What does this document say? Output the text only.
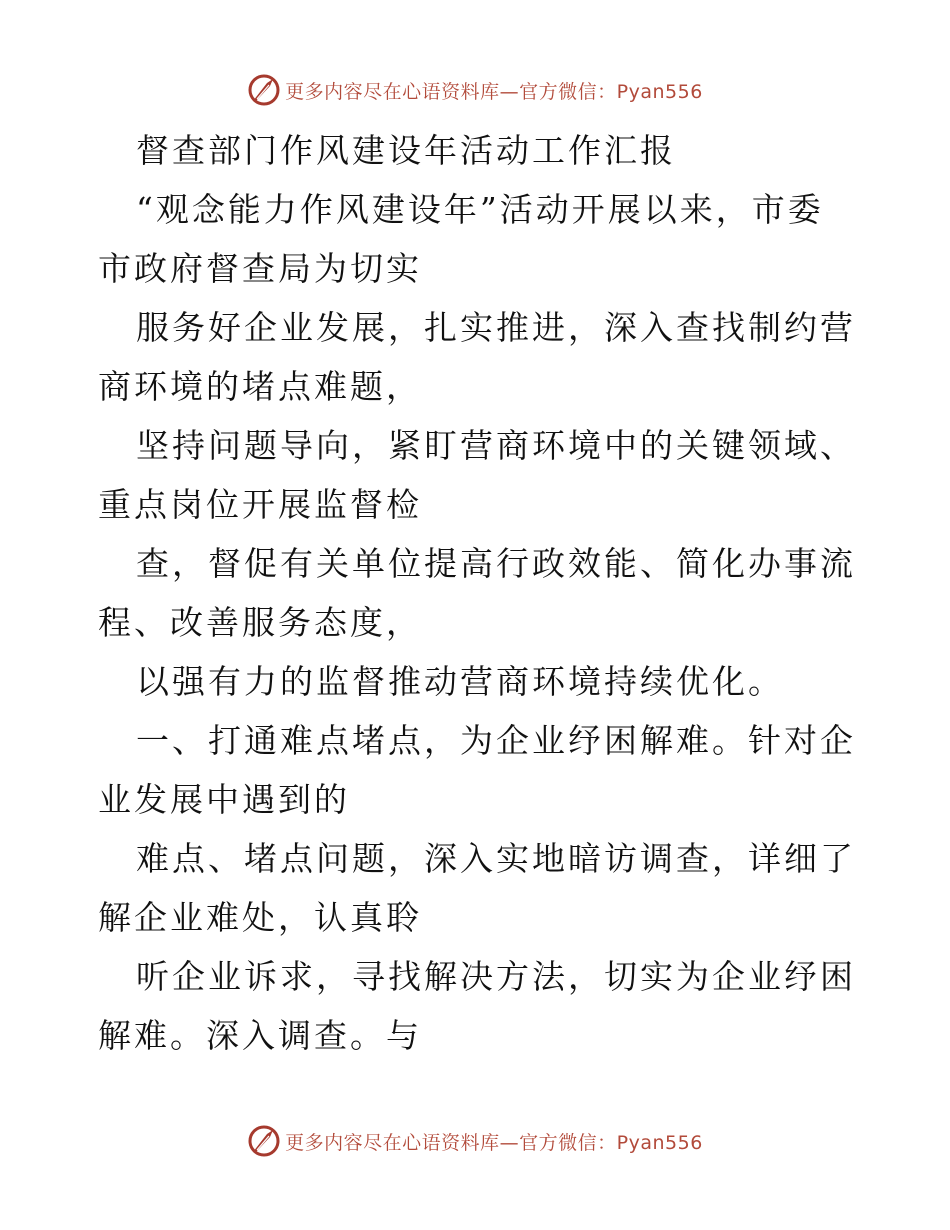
更多内容尽在心语资料库—官方微信：Pyan556

督查部门作风建设年活动工作汇报

“观念能力作风建设年”活动开展以来，市委市政府督查局为切实

服务好企业发展，扎实推进，深入查找制约营商环境的堵点难题，

坚持问题导向，紧盯营商环境中的关键领域、重点岗位开展监督检

查，督促有关单位提高行政效能、简化办事流程、改善服务态度，

以强有力的监督推动营商环境持续优化。

一、打通难点堵点，为企业纾困解难。针对企业发展中遇到的

难点、堵点问题，深入实地暗访调查，详细了解企业难处，认真聆

听企业诉求，寻找解决方法，切实为企业纾困解难。深入调查。与

更多内容尽在心语资料库—官方微信：Pyan556
